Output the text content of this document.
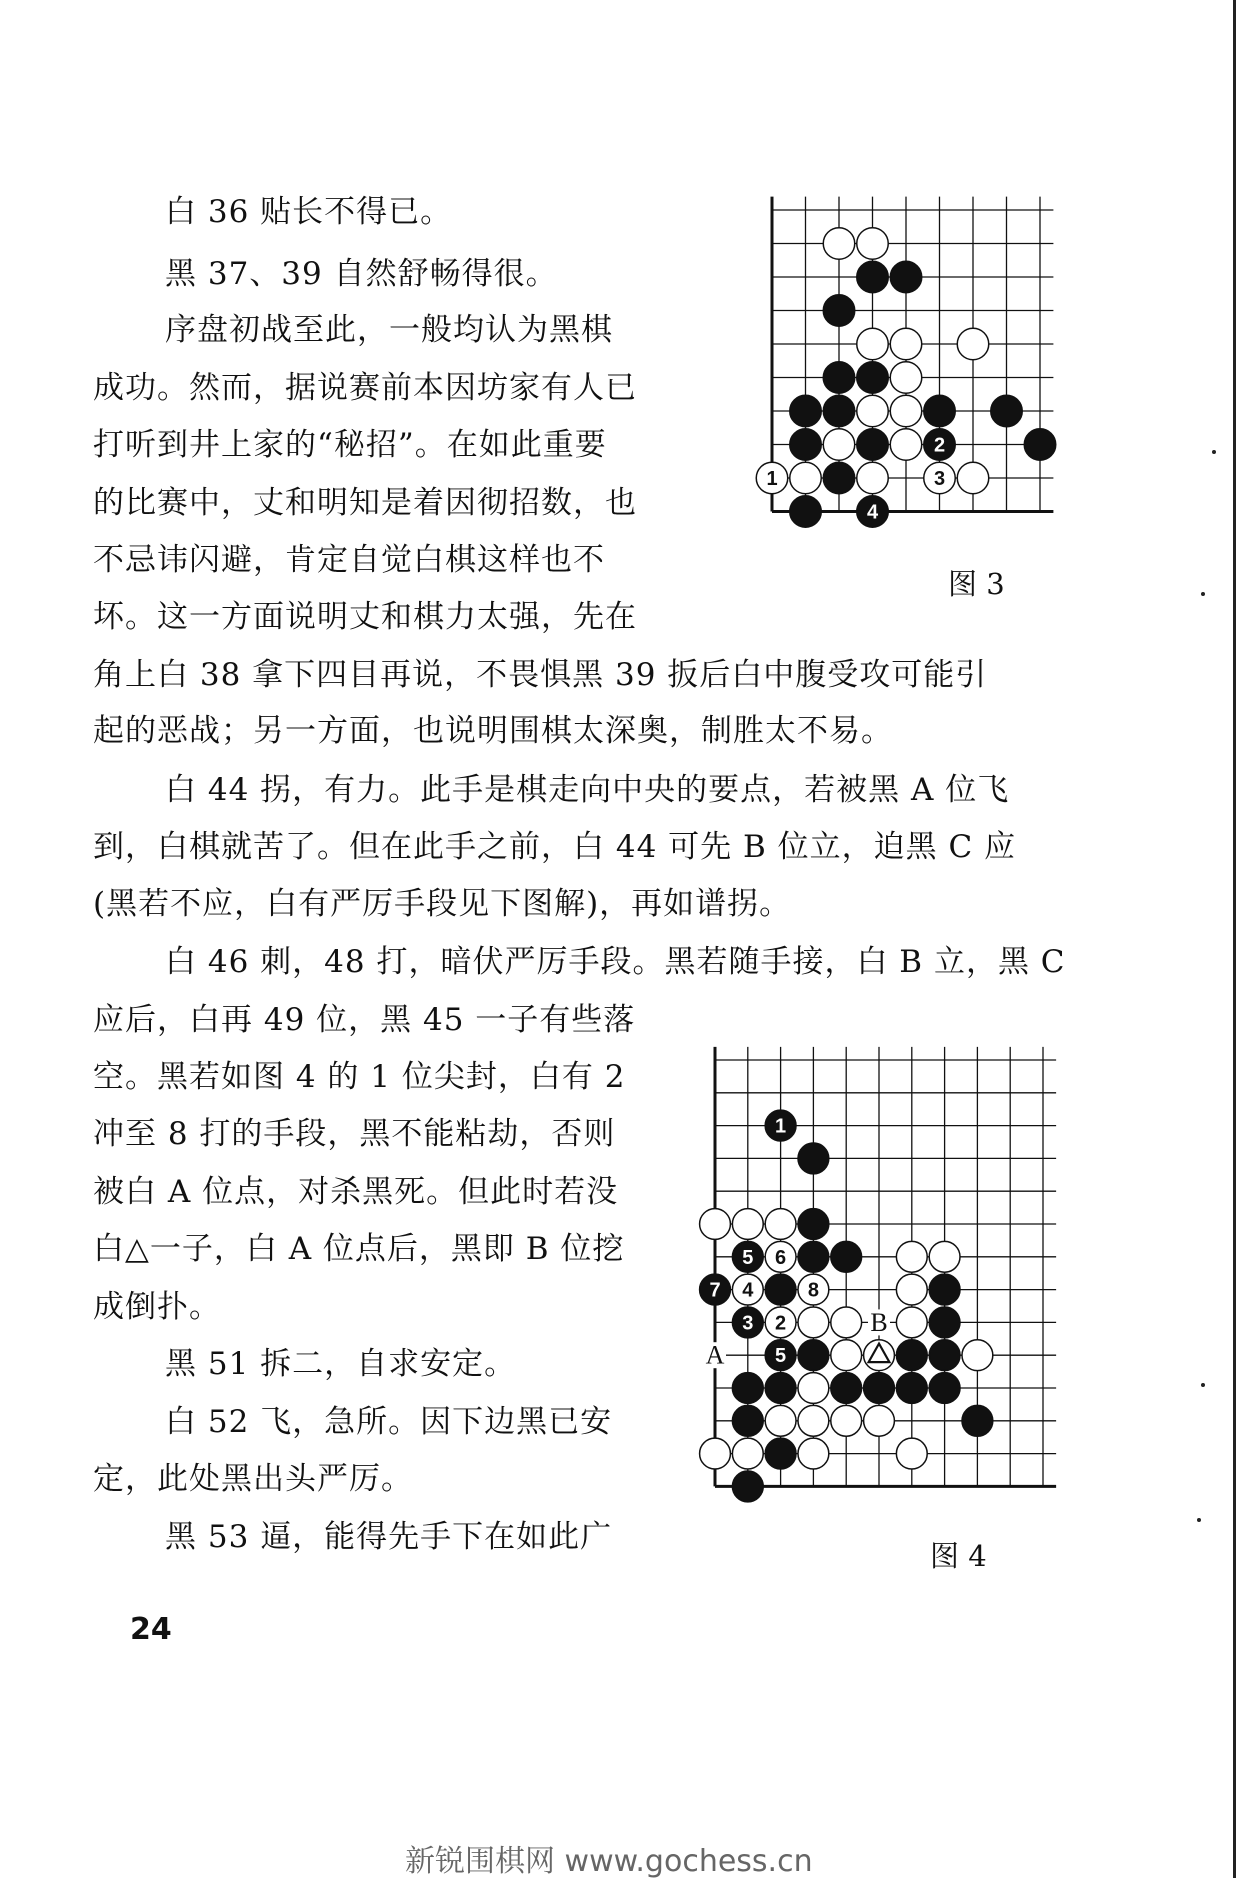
白 36 贴长不得已。
黑 37、39 自然舒畅得很。
序盘初战至此，一般均认为黑棋
成功。然而，据说赛前本因坊家有人已
打听到井上家的“秘招”。在如此重要
的比赛中，丈和明知是着因彻招数，也
不忌讳闪避，肯定自觉白棋这样也不
坏。这一方面说明丈和棋力太强，先在
角上白 38 拿下四目再说，不畏惧黑 39 扳后白中腹受攻可能引
起的恶战；另一方面，也说明围棋太深奥，制胜太不易。
白 44 拐，有力。此手是棋走向中央的要点，若被黑 A 位飞
到，白棋就苦了。但在此手之前，白 44 可先 B 位立，迫黑 C 应
(黑若不应，白有严厉手段见下图解)，再如谱拐。
白 46 刺，48 打，暗伏严厉手段。黑若随手接，白 B 立，黑 C
应后，白再 49 位，黑 45 一子有些落
空。黑若如图 4 的 1 位尖封，白有 2
冲至 8 打的手段，黑不能粘劫，否则
被白 A 位点，对杀黑死。但此时若没
白△一子，白 A 位点后，黑即 B 位挖
成倒扑。
黑 51 拆二，自求安定。
白 52 飞，急所。因下边黑已安
定，此处黑出头严厉。
黑 53 逼，能得先手下在如此广
2
1	3
4
图 3
1
5 6
7 4	8
3 2
5
A
B
图 4
24
新锐围棋网 www.gochess.cn
